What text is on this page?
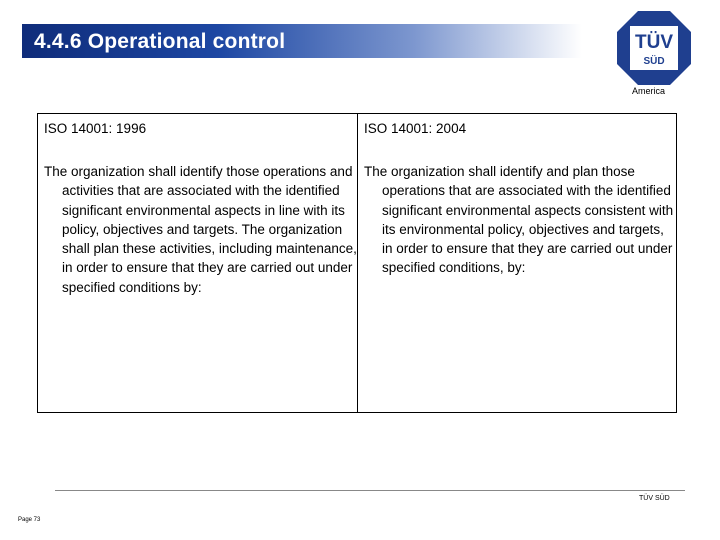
4.4.6 Operational control	TÜV
SÜD
America
ISO 14001: 1996
The organization shall identify those operations and activities that are associated with the identified significant environmental aspects in line with its policy, objectives and targets. The organization shall plan these activities, including maintenance, in order to ensure that they are carried out under specified conditions by:
ISO 14001: 2004
The organization shall identify and plan those operations that are associated with the identified significant environmental aspects consistent with its environmental policy, objectives and targets, in order to ensure that they are carried out under specified conditions, by:
TÜV SÜD
Page 73
